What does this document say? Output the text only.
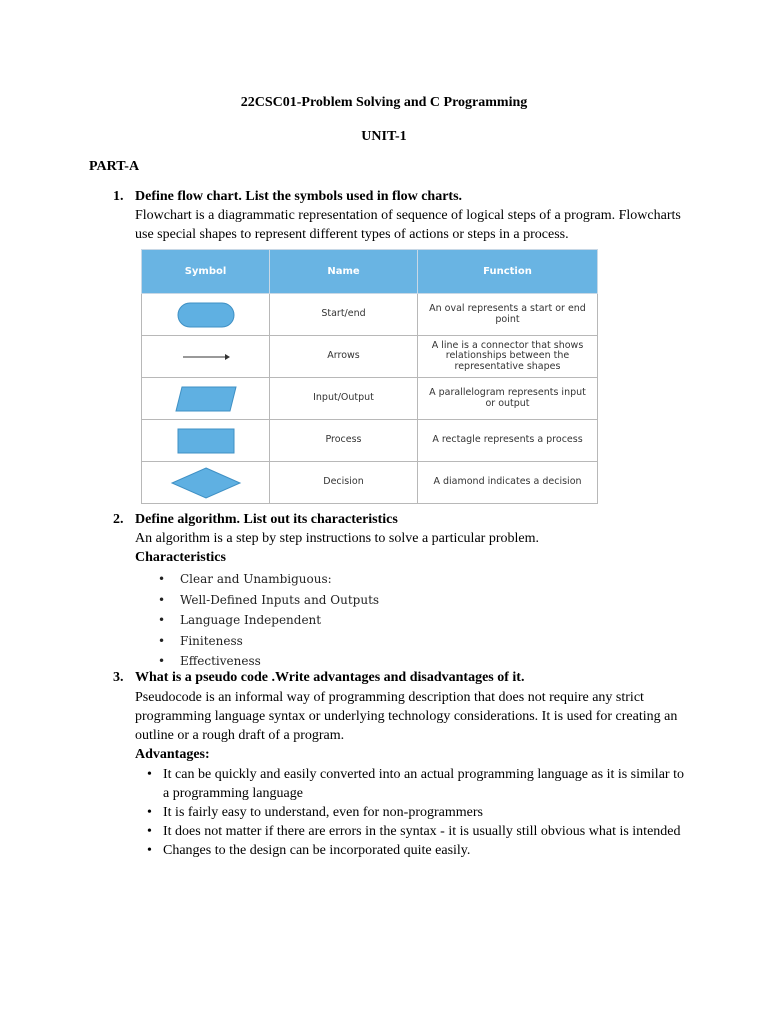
22CSC01-Problem Solving and C Programming
UNIT-1
PART-A
1. Define flow chart. List the symbols used in flow charts.
Flowchart is a diagrammatic representation of sequence of logical steps of a program. Flowcharts use special shapes to represent different types of actions or steps in a process.
Symbol	Name	Function

	Start/end	An oval represents a start or end point

	Arrows	A line is a connector that shows relationships between the representative shapes

	Input/Output	A parallelogram represents input or output

	Process	A rectagle represents a process

	Decision	A diamond indicates a decision
2. Define algorithm. List out its characteristics
An algorithm is a step by step instructions to solve a particular problem.
Characteristics
• Clear and Unambiguous:
• Well-Defined Inputs and Outputs
• Language Independent
• Finiteness
• Effectiveness
3. What is a pseudo code .Write advantages and disadvantages of it.
Pseudocode is an informal way of programming description that does not require any strict programming language syntax or underlying technology considerations. It is used for creating an outline or a rough draft of a program.
Advantages:
• It can be quickly and easily converted into an actual programming language as it is similar to a programming language
• It is fairly easy to understand, even for non-programmers
• It does not matter if there are errors in the syntax - it is usually still obvious what is intended
• Changes to the design can be incorporated quite easily.
